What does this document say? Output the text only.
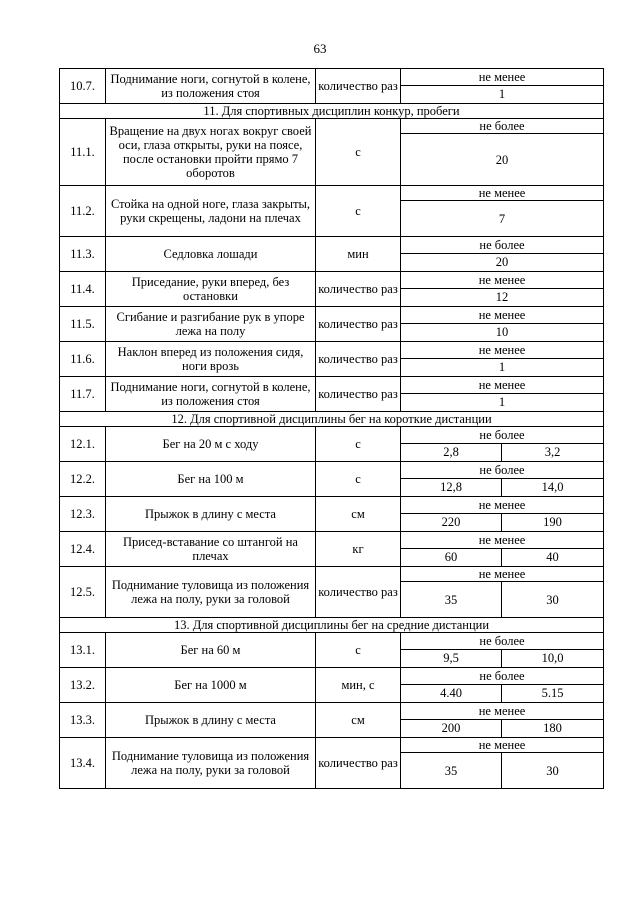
63
10.7.	Поднимание ноги, согнутой в колене, из положения стоя	количество раз	не менее	
			1	
11. Для спортивных дисциплин конкур, пробеги				
11.1.	Вращение на двух ногах вокруг своей оси, глаза открыты, руки на поясе, после остановки пройти прямо 7 оборотов	с	не более	
			20	
11.2.	Стойка на одной ноге, глаза закрыты, руки скрещены, ладони на плечах	с	не менее	
			7	
11.3.	Седловка лошади	мин	не более	
			20	
11.4.	Приседание, руки вперед, без остановки	количество раз	не менее	
			12	
11.5.	Сгибание и разгибание рук в упоре лежа на полу	количество раз	не менее	
			10	
11.6.	Наклон вперед из положения сидя, ноги врозь	количество раз	не менее	
			1	
11.7.	Поднимание ноги, согнутой в колене, из положения стоя	количество раз	не менее	
			1	
12. Для спортивной дисциплины бег на короткие дистанции				
12.1.	Бег на 20 м с ходу	с	не более	
			2,8	3,2
12.2.	Бег на 100 м	с	не более	
			12,8	14,0
12.3.	Прыжок в длину с места	см	не менее	
			220	190
12.4.	Присед-вставание со штангой на плечах	кг	не менее	
			60	40
12.5.	Поднимание туловища из положения лежа на полу, руки за головой	количество раз	не менее	
			35	30
13. Для спортивной дисциплины бег на средние дистанции				
13.1.	Бег на 60 м	с	не более	
			9,5	10,0
13.2.	Бег на 1000 м	мин, с	не более	
			4.40	5.15
13.3.	Прыжок в длину с места	см	не менее	
			200	180
13.4.	Поднимание туловища из положения лежа на полу, руки за головой	количество раз	не менее	
			35	30
